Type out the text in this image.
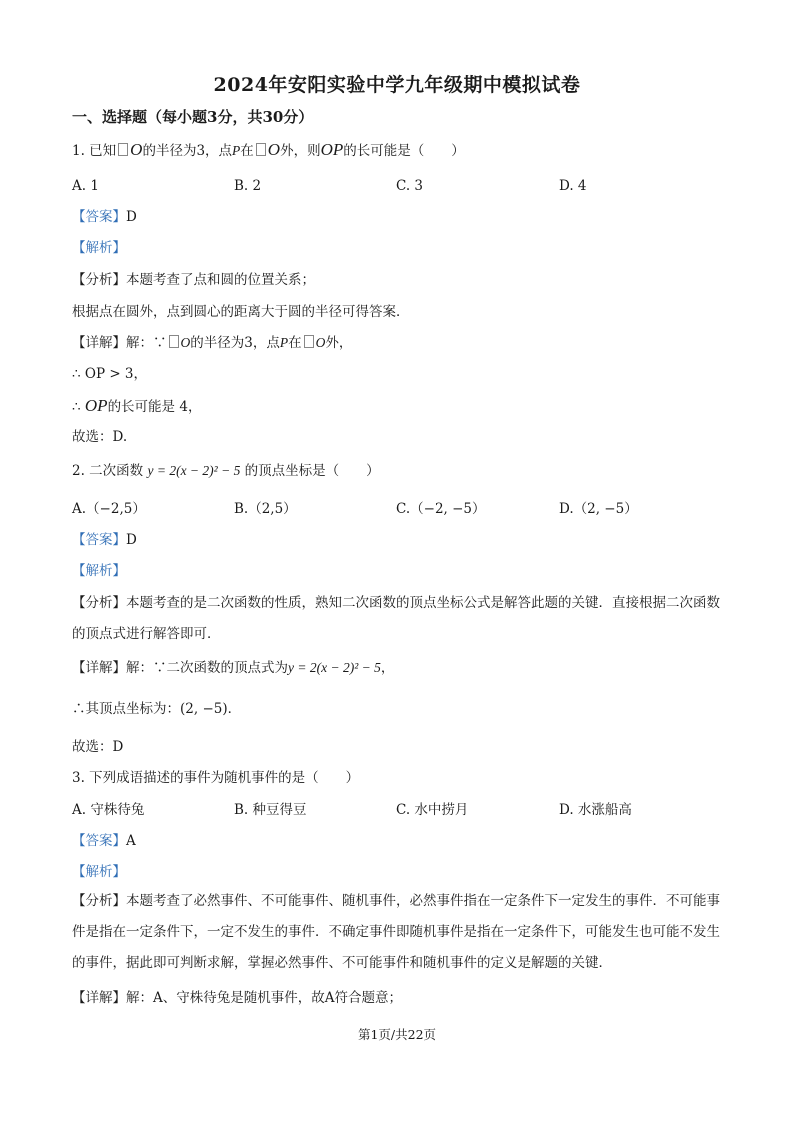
2024年安阳实验中学九年级期中模拟试卷
一、选择题（每小题3分，共30分）
1. 已知 O的半径为3，点P在 O外，则OP的长可能是（　　）
A. 1	B. 2	C. 3	D. 4
【答案】D
【解析】
【分析】本题考查了点和圆的位置关系；
根据点在圆外，点到圆心的距离大于圆的半径可得答案．
【详解】解：∵ O的半径为3，点P在 O外，
∴ OP > 3，
∴ OP的长可能是 4，
故选：D.
2. 二次函数 y = 2(x − 2)² − 5 的顶点坐标是（　　）
A.（−2,5）	B.（2,5）	C.（−2, −5）	D.（2, −5）
【答案】D
【解析】
【分析】本题考查的是二次函数的性质，熟知二次函数的顶点坐标公式是解答此题的关键．直接根据二次函数的顶点式进行解答即可．
【详解】解：∵二次函数的顶点式为y = 2(x − 2)² − 5，
∴其顶点坐标为：(2, −5)．
故选：D
3. 下列成语描述的事件为随机事件的是（　　）
A. 守株待兔	B. 种豆得豆	C. 水中捞月	D. 水涨船高
【答案】A
【解析】
【分析】本题考查了必然事件、不可能事件、随机事件，必然事件指在一定条件下一定发生的事件．不可能事件是指在一定条件下，一定不发生的事件．不确定事件即随机事件是指在一定条件下，可能发生也可能不发生的事件，据此即可判断求解，掌握必然事件、不可能事件和随机事件的定义是解题的关键．
【详解】解：A、守株待兔是随机事件，故A符合题意；
第1页/共22页
